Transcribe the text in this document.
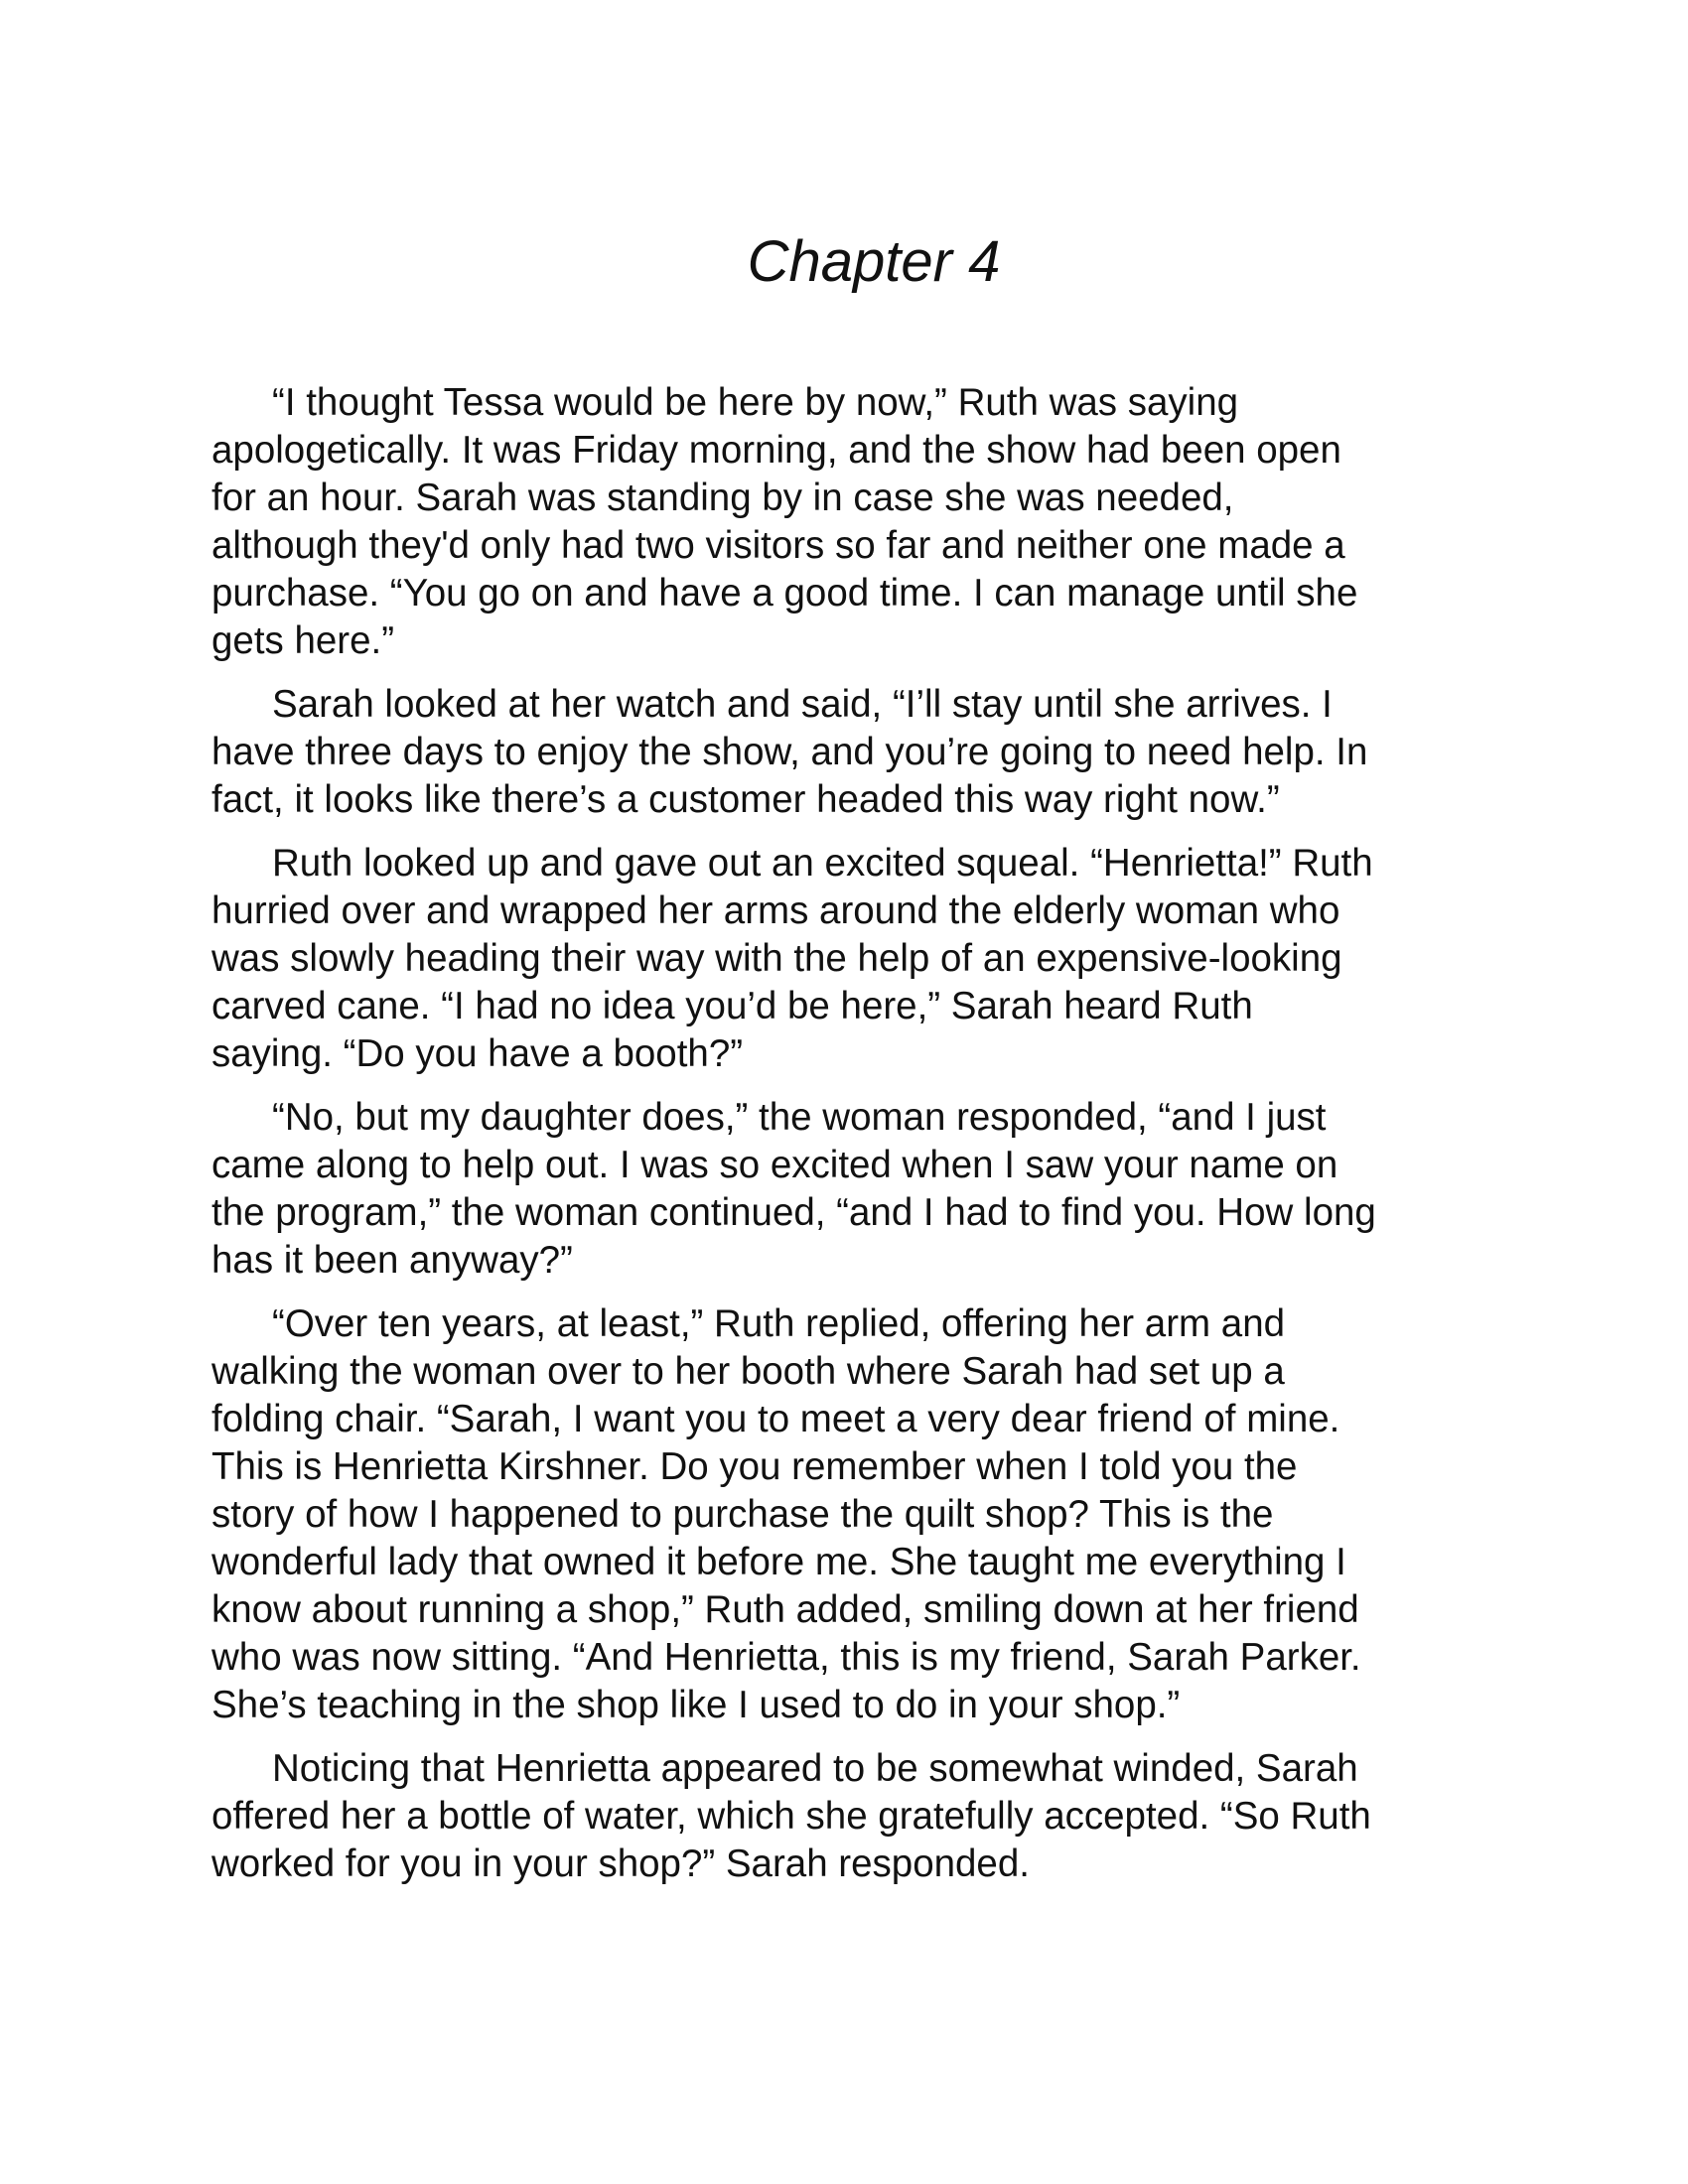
Chapter 4

“I thought Tessa would be here by now,” Ruth was saying
apologetically. It was Friday morning, and the show had been open
for an hour. Sarah was standing by in case she was needed,
although they'd only had two visitors so far and neither one made a
purchase. “You go on and have a good time. I can manage until she
gets here.”

Sarah looked at her watch and said, “I’ll stay until she arrives. I
have three days to enjoy the show, and you’re going to need help. In
fact, it looks like there’s a customer headed this way right now.”

Ruth looked up and gave out an excited squeal. “Henrietta!” Ruth
hurried over and wrapped her arms around the elderly woman who
was slowly heading their way with the help of an expensive-looking
carved cane. “I had no idea you’d be here,” Sarah heard Ruth
saying. “Do you have a booth?”

“No, but my daughter does,” the woman responded, “and I just
came along to help out. I was so excited when I saw your name on
the program,” the woman continued, “and I had to find you. How long
has it been anyway?”

“Over ten years, at least,” Ruth replied, offering her arm and
walking the woman over to her booth where Sarah had set up a
folding chair. “Sarah, I want you to meet a very dear friend of mine.
This is Henrietta Kirshner. Do you remember when I told you the
story of how I happened to purchase the quilt shop? This is the
wonderful lady that owned it before me. She taught me everything I
know about running a shop,” Ruth added, smiling down at her friend
who was now sitting. “And Henrietta, this is my friend, Sarah Parker.
She’s teaching in the shop like I used to do in your shop.”

Noticing that Henrietta appeared to be somewhat winded, Sarah
offered her a bottle of water, which she gratefully accepted. “So Ruth
worked for you in your shop?” Sarah responded.
